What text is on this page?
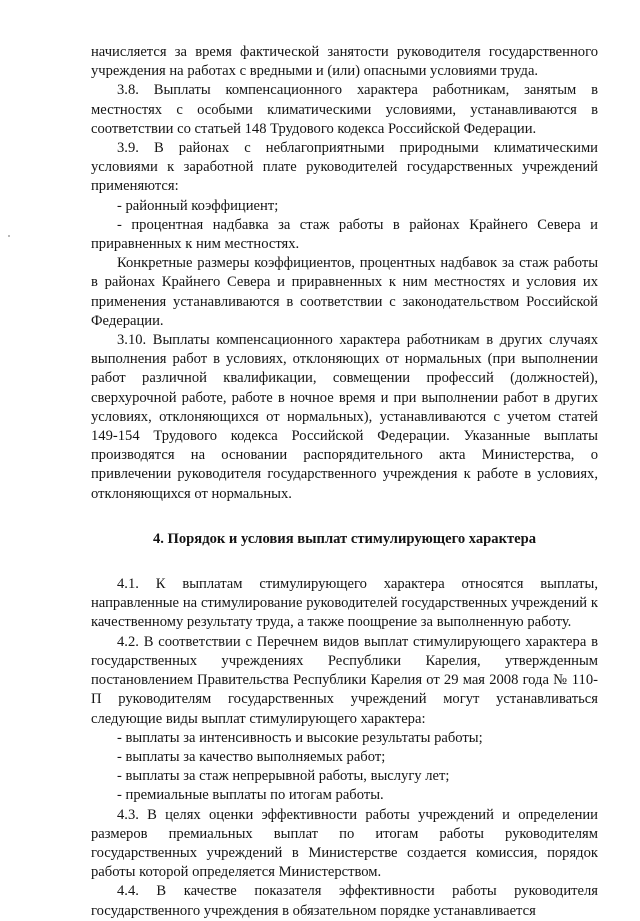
начисляется за время фактической занятости руководителя государственного учреждения на работах с вредными и (или) опасными условиями труда.

3.8. Выплаты компенсационного характера работникам, занятым в местностях с особыми климатическими условиями, устанавливаются в соответствии со статьей 148 Трудового кодекса Российской Федерации.

3.9. В районах с неблагоприятными природными климатическими условиями к заработной плате руководителей государственных учреждений применяются:

- районный коэффициент;

- процентная надбавка за стаж работы в районах Крайнего Севера и приравненных к ним местностях.

Конкретные размеры коэффициентов, процентных надбавок за стаж работы в районах Крайнего Севера и приравненных к ним местностях и условия их применения устанавливаются в соответствии с законодательством Российской Федерации.

3.10. Выплаты компенсационного характера работникам в других случаях выполнения работ в условиях, отклоняющих от нормальных (при выполнении работ различной квалификации, совмещении профессий (должностей), сверхурочной работе, работе в ночное время и при выполнении работ в других условиях, отклоняющихся от нормальных), устанавливаются с учетом статей 149-154 Трудового кодекса Российской Федерации. Указанные выплаты производятся на основании распорядительного акта Министерства, о привлечении руководителя государственного учреждения к работе в условиях, отклоняющихся от нормальных.

4. Порядок и условия выплат стимулирующего характера

4.1. К выплатам стимулирующего характера относятся выплаты, направленные на стимулирование руководителей государственных учреждений к качественному результату труда, а также поощрение за выполненную работу.

4.2. В соответствии с Перечнем видов выплат стимулирующего характера в государственных учреждениях Республики Карелия, утвержденным постановлением Правительства Республики Карелия от 29 мая 2008 года № 110-П руководителям государственных учреждений могут устанавливаться следующие виды выплат стимулирующего характера:

- выплаты за интенсивность и высокие результаты работы;

- выплаты за качество выполняемых работ;

- выплаты за стаж непрерывной работы, выслугу лет;

- премиальные выплаты по итогам работы.

4.3. В целях оценки эффективности работы учреждений и определении размеров премиальных выплат по итогам работы руководителям государственных учреждений в Министерстве создается комиссия, порядок работы которой определяется Министерством.

4.4. В качестве показателя эффективности работы руководителя государственного учреждения в обязательном порядке устанавливается
